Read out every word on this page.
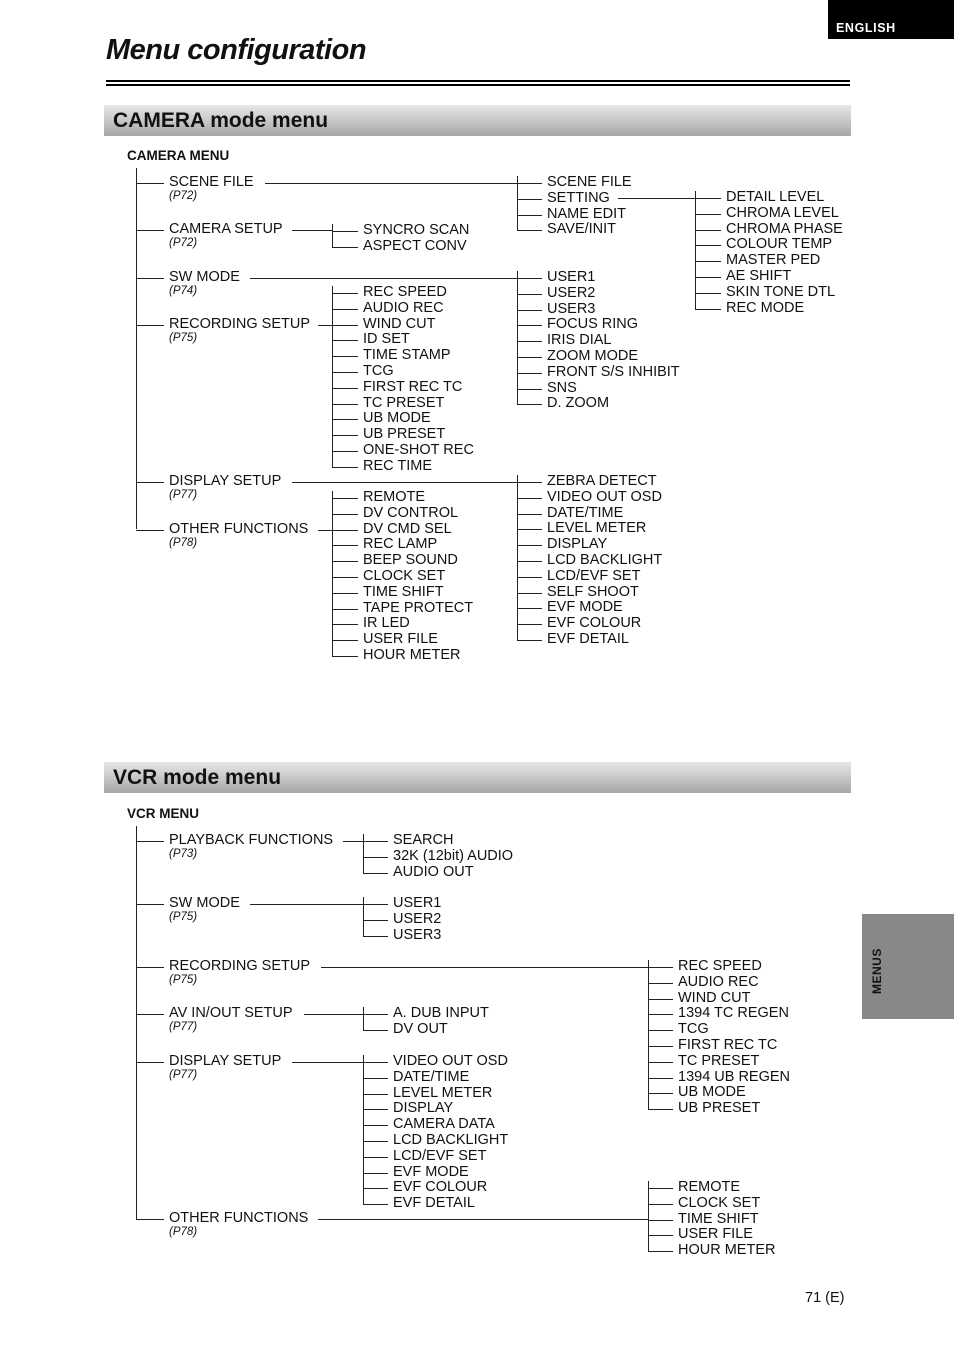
ENGLISH
Menu configuration
CAMERA mode menu
CAMERA MENU
VCR mode menu
VCR MENU
SCENE FILE
(P72)
CAMERA SETUP
(P72)
SW MODE
(P74)
RECORDING SETUP
(P75)
DISPLAY SETUP
(P77)
OTHER FUNCTIONS
(P78)
SCENE FILE
SETTING
NAME EDIT
SAVE/INIT
DETAIL LEVEL
CHROMA LEVEL
CHROMA PHASE
COLOUR TEMP
MASTER PED
AE SHIFT
SKIN TONE DTL
REC MODE
SYNCRO SCAN
ASPECT CONV
USER1
USER2
USER3
FOCUS RING
IRIS DIAL
ZOOM MODE
FRONT S/S INHIBIT
SNS
D. ZOOM
REC SPEED
AUDIO REC
WIND CUT
ID SET
TIME STAMP
TCG
FIRST REC TC
TC PRESET
UB MODE
UB PRESET
ONE-SHOT REC
REC TIME
ZEBRA DETECT
VIDEO OUT OSD
DATE/TIME
LEVEL METER
DISPLAY
LCD BACKLIGHT
LCD/EVF SET
SELF SHOOT
EVF MODE
EVF COLOUR
EVF DETAIL
REMOTE
DV CONTROL
DV CMD SEL
REC LAMP
BEEP SOUND
CLOCK SET
TIME SHIFT
TAPE PROTECT
IR LED
USER FILE
HOUR METER
PLAYBACK FUNCTIONS
(P73)
SW MODE
(P75)
RECORDING SETUP
(P75)
AV IN/OUT SETUP
(P77)
DISPLAY SETUP
(P77)
OTHER FUNCTIONS
(P78)
SEARCH
32K (12bit) AUDIO
AUDIO OUT
USER1
USER2
USER3
A. DUB INPUT
DV OUT
VIDEO OUT OSD
DATE/TIME
LEVEL METER
DISPLAY
CAMERA DATA
LCD BACKLIGHT
LCD/EVF SET
EVF MODE
EVF COLOUR
EVF DETAIL
REC SPEED
AUDIO REC
WIND CUT
1394 TC REGEN
TCG
FIRST REC TC
TC PRESET
1394 UB REGEN
UB MODE
UB PRESET
REMOTE
CLOCK SET
TIME SHIFT
USER FILE
HOUR METER
MENUS
71 (E)
